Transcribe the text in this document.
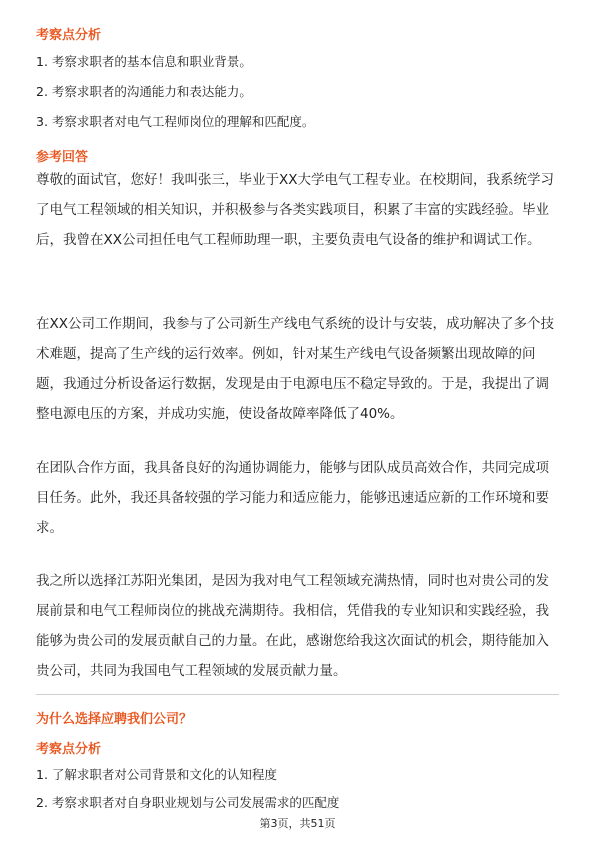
考察点分析
1. 考察求职者的基本信息和职业背景。
2. 考察求职者的沟通能力和表达能力。
3. 考察求职者对电气工程师岗位的理解和匹配度。
参考回答
尊敬的面试官，您好！我叫张三，毕业于XX大学电气工程专业。在校期间，我系统学习了电气工程领域的相关知识，并积极参与各类实践项目，积累了丰富的实践经验。毕业后，我曾在XX公司担任电气工程师助理一职，主要负责电气设备的维护和调试工作。
在XX公司工作期间，我参与了公司新生产线电气系统的设计与安装，成功解决了多个技术难题，提高了生产线的运行效率。例如，针对某生产线电气设备频繁出现故障的问题，我通过分析设备运行数据，发现是由于电源电压不稳定导致的。于是，我提出了调整电源电压的方案，并成功实施，使设备故障率降低了40%。
在团队合作方面，我具备良好的沟通协调能力，能够与团队成员高效合作，共同完成项目任务。此外，我还具备较强的学习能力和适应能力，能够迅速适应新的工作环境和要求。
我之所以选择江苏阳光集团，是因为我对电气工程领域充满热情，同时也对贵公司的发展前景和电气工程师岗位的挑战充满期待。我相信，凭借我的专业知识和实践经验，我能够为贵公司的发展贡献自己的力量。在此，感谢您给我这次面试的机会，期待能加入贵公司，共同为我国电气工程领域的发展贡献力量。
为什么选择应聘我们公司？
考察点分析
1. 了解求职者对公司背景和文化的认知程度
2. 考察求职者对自身职业规划与公司发展需求的匹配度
第3页，共51页
